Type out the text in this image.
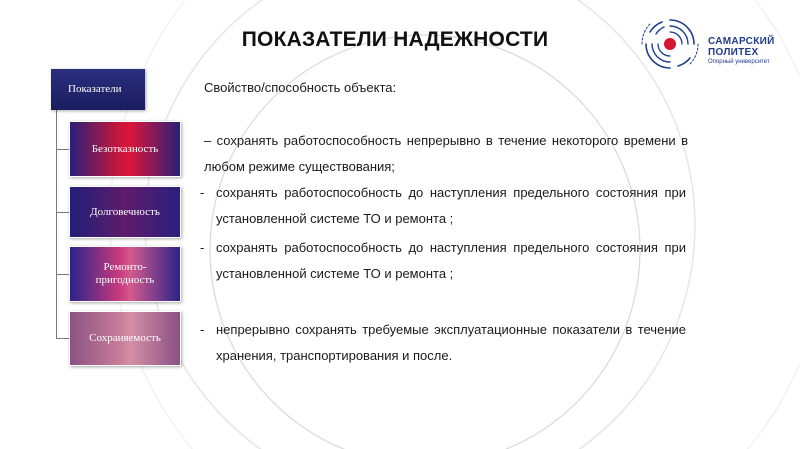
ПОКАЗАТЕЛИ НАДЕЖНОСТИ	САМАРСКИЙ
ПОЛИТЕХ
Опорный университет
Показатели
Безотказность
Долговечность
Ремонто-
пригодность
Сохраняемость
Свойство/способность объекта:
– сохранять работоспособность непрерывно в течение некоторого времени в любом режиме существования;
- сохранять работоспособность до наступления предельного состояния при установленной системе ТО и ремонта ;
- сохранять работоспособность до наступления предельного состояния при установленной системе ТО и ремонта ;
- непрерывно сохранять требуемые эксплуатационные показатели в течение хранения, транспортирования и после.
